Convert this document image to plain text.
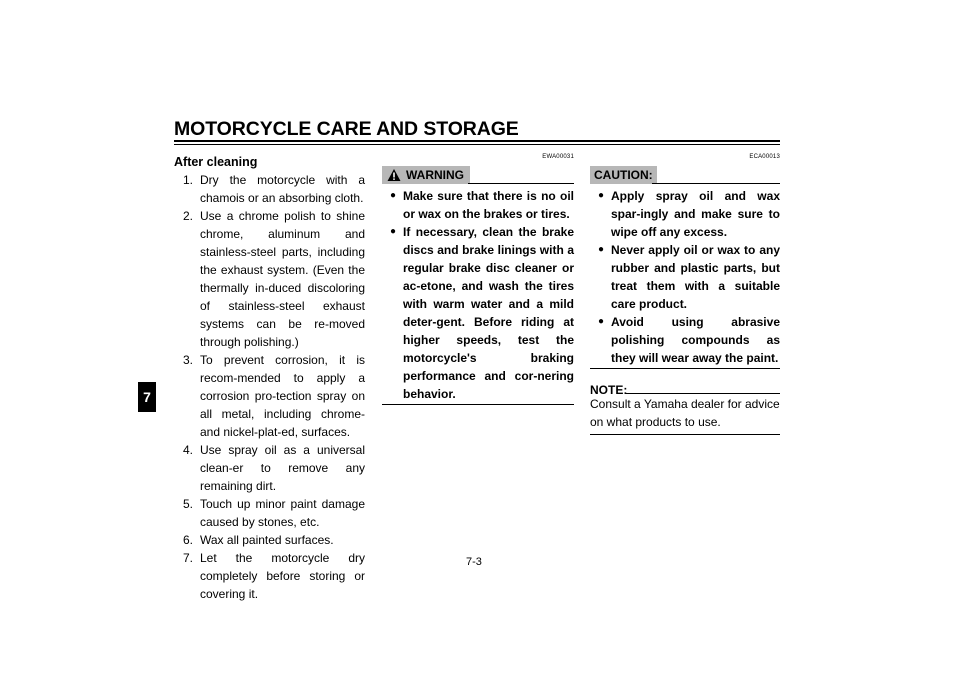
MOTORCYCLE CARE AND STORAGE
7
After cleaning
1. Dry the motorcycle with a chamois or an absorbing cloth.
2. Use a chrome polish to shine chrome, aluminum and stainless-steel parts, including the exhaust system. (Even the thermally in-duced discoloring of stainless-steel exhaust systems can be re-moved through polishing.)
3. To prevent corrosion, it is recom-mended to apply a corrosion pro-tection spray on all metal, including chrome- and nickel-plat-ed, surfaces.
4. Use spray oil as a universal clean-er to remove any remaining dirt.
5. Touch up minor paint damage caused by stones, etc.
6. Wax all painted surfaces.
7. Let the motorcycle dry completely before storing or covering it.
EWA00031
WARNING
● Make sure that there is no oil or wax on the brakes or tires.
● If necessary, clean the brake discs and brake linings with a regular brake disc cleaner or ac-etone, and wash the tires with warm water and a mild deter-gent. Before riding at higher speeds, test the motorcycle's braking performance and cor-nering behavior.
ECA00013
CAUTION:
● Apply spray oil and wax spar-ingly and make sure to wipe off any excess.
● Never apply oil or wax to any rubber and plastic parts, but treat them with a suitable care product.
● Avoid using abrasive polishing compounds as they will wear away the paint.
NOTE:
Consult a Yamaha dealer for advice on what products to use.
7-3
